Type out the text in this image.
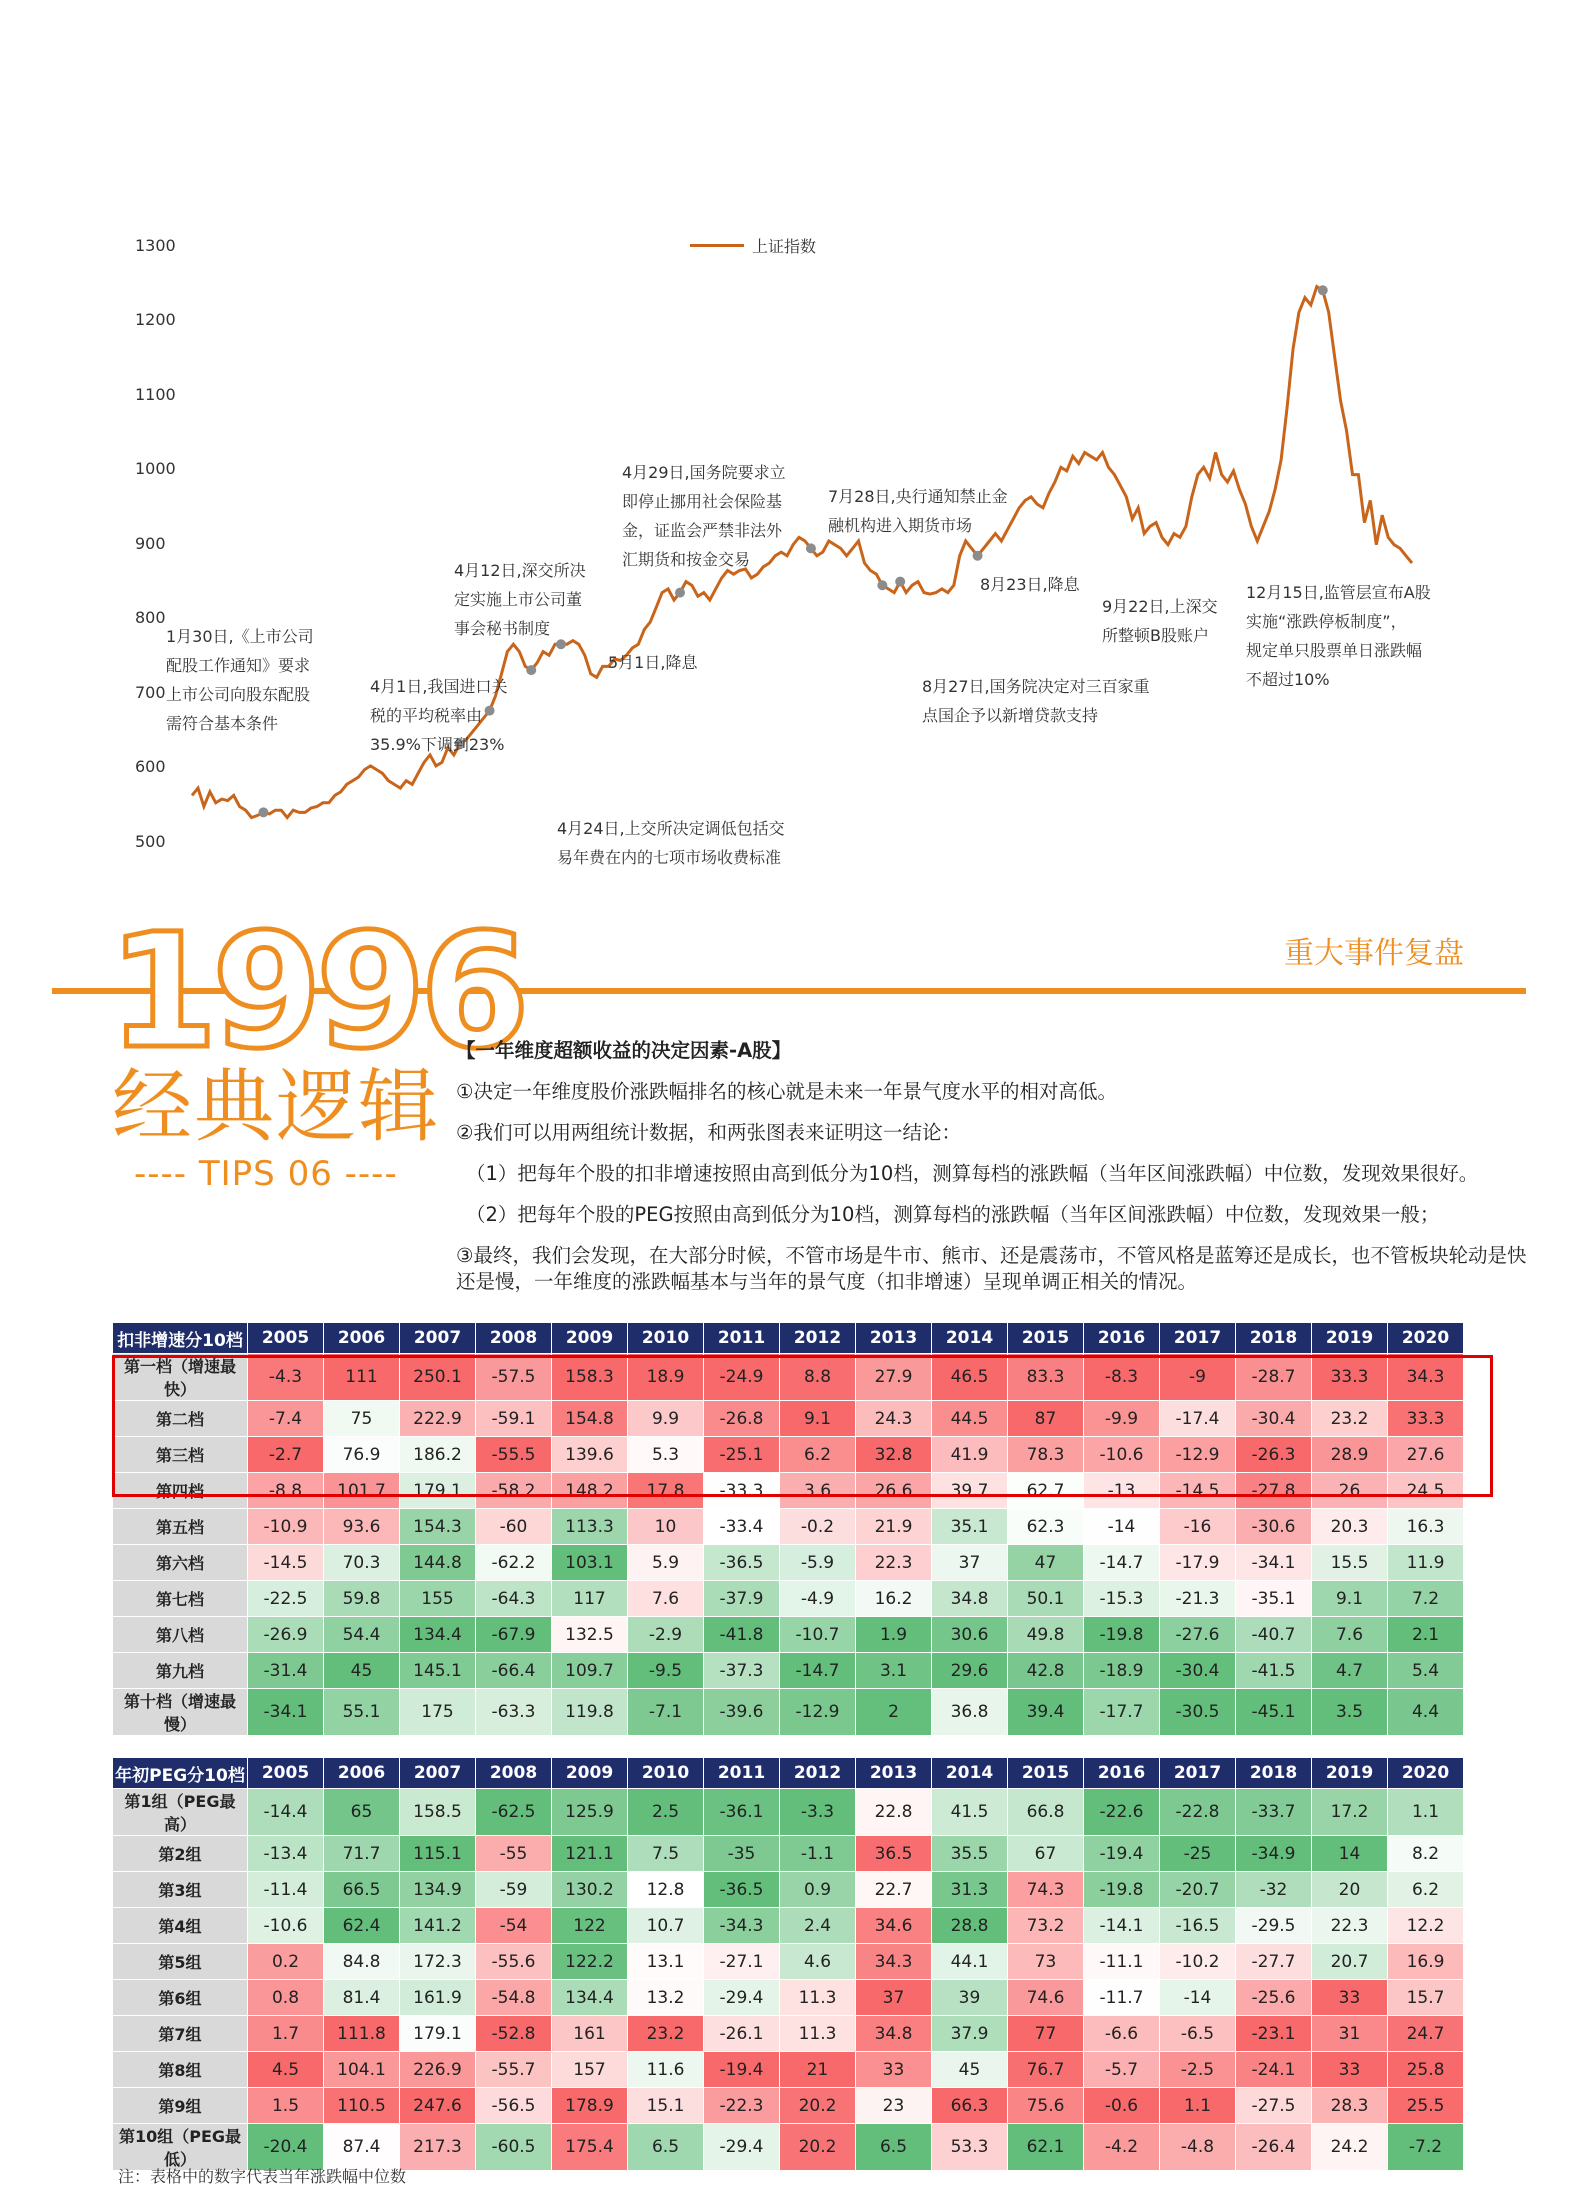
上证指数
1300
1200
1100
1000
900
800
700
600
500
1月30日,《上市公司
配股工作通知》要求
上市公司向股东配股
需符合基本条件
4月1日,我国进口关
税的平均税率由
35.9%下调到23%
4月12日,深交所决
定实施上市公司董
事会秘书制度
4月24日,上交所决定调低包括交
易年费在内的七项市场收费标准
4月29日,国务院要求立
即停止挪用社会保险基
金，证监会严禁非法外
汇期货和按金交易
5月1日,降息
7月28日,央行通知禁止金
融机构进入期货市场
8月23日,降息
8月27日,国务院决定对三百家重
点国企予以新增贷款支持
9月22日,上深交
所整顿B股账户
12月15日,监管层宣布A股
实施“涨跌停板制度”，
规定单只股票单日涨跌幅
不超过10%
1996
经典逻辑
---- TIPS 06 ----
重大事件复盘

【一年维度超额收益的决定因素-A股】

①决定一年维度股价涨跌幅排名的核心就是未来一年景气度水平的相对高低。

②我们可以用两组统计数据，和两张图表来证明这一结论：

（1）把每年个股的扣非增速按照由高到低分为10档，测算每档的涨跌幅（当年区间涨跌幅）中位数，发现效果很好。

（2）把每年个股的PEG按照由高到低分为10档，测算每档的涨跌幅（当年区间涨跌幅）中位数，发现效果一般；

③最终，我们会发现，在大部分时候，不管市场是牛市、熊市、还是震荡市，不管风格是蓝筹还是成长，也不管板块轮动是快还是慢，一年维度的涨跌幅基本与当年的景气度（扣非增速）呈现单调正相关的情况。

扣非增速分10档	2005	2006	2007	2008	2009	2010	2011	2012	2013	2014	2015	2016	2017	2018	2019	2020
第一档（增速最快）	-4.3	111	250.1	-57.5	158.3	18.9	-24.9	8.8	27.9	46.5	83.3	-8.3	-9	-28.7	33.3	34.3
第二档	-7.4	75	222.9	-59.1	154.8	9.9	-26.8	9.1	24.3	44.5	87	-9.9	-17.4	-30.4	23.2	33.3
第三档	-2.7	76.9	186.2	-55.5	139.6	5.3	-25.1	6.2	32.8	41.9	78.3	-10.6	-12.9	-26.3	28.9	27.6
第四档	-8.8	101.7	179.1	-58.2	148.2	17.8	-33.3	3.6	26.6	39.7	62.7	-13	-14.5	-27.8	26	24.5
第五档	-10.9	93.6	154.3	-60	113.3	10	-33.4	-0.2	21.9	35.1	62.3	-14	-16	-30.6	20.3	16.3
第六档	-14.5	70.3	144.8	-62.2	103.1	5.9	-36.5	-5.9	22.3	37	47	-14.7	-17.9	-34.1	15.5	11.9
第七档	-22.5	59.8	155	-64.3	117	7.6	-37.9	-4.9	16.2	34.8	50.1	-15.3	-21.3	-35.1	9.1	7.2
第八档	-26.9	54.4	134.4	-67.9	132.5	-2.9	-41.8	-10.7	1.9	30.6	49.8	-19.8	-27.6	-40.7	7.6	2.1
第九档	-31.4	45	145.1	-66.4	109.7	-9.5	-37.3	-14.7	3.1	29.6	42.8	-18.9	-30.4	-41.5	4.7	5.4
第十档（增速最慢）	-34.1	55.1	175	-63.3	119.8	-7.1	-39.6	-12.9	2	36.8	39.4	-17.7	-30.5	-45.1	3.5	4.4
年初PEG分10档	2005	2006	2007	2008	2009	2010	2011	2012	2013	2014	2015	2016	2017	2018	2019	2020
第1组（PEG最高）	-14.4	65	158.5	-62.5	125.9	2.5	-36.1	-3.3	22.8	41.5	66.8	-22.6	-22.8	-33.7	17.2	1.1
第2组	-13.4	71.7	115.1	-55	121.1	7.5	-35	-1.1	36.5	35.5	67	-19.4	-25	-34.9	14	8.2
第3组	-11.4	66.5	134.9	-59	130.2	12.8	-36.5	0.9	22.7	31.3	74.3	-19.8	-20.7	-32	20	6.2
第4组	-10.6	62.4	141.2	-54	122	10.7	-34.3	2.4	34.6	28.8	73.2	-14.1	-16.5	-29.5	22.3	12.2
第5组	0.2	84.8	172.3	-55.6	122.2	13.1	-27.1	4.6	34.3	44.1	73	-11.1	-10.2	-27.7	20.7	16.9
第6组	0.8	81.4	161.9	-54.8	134.4	13.2	-29.4	11.3	37	39	74.6	-11.7	-14	-25.6	33	15.7
第7组	1.7	111.8	179.1	-52.8	161	23.2	-26.1	11.3	34.8	37.9	77	-6.6	-6.5	-23.1	31	24.7
第8组	4.5	104.1	226.9	-55.7	157	11.6	-19.4	21	33	45	76.7	-5.7	-2.5	-24.1	33	25.8
第9组	1.5	110.5	247.6	-56.5	178.9	15.1	-22.3	20.2	23	66.3	75.6	-0.6	1.1	-27.5	28.3	25.5
第10组（PEG最低）	-20.4	87.4	217.3	-60.5	175.4	6.5	-29.4	20.2	6.5	53.3	62.1	-4.2	-4.8	-26.4	24.2	-7.2
注：表格中的数字代表当年涨跌幅中位数
